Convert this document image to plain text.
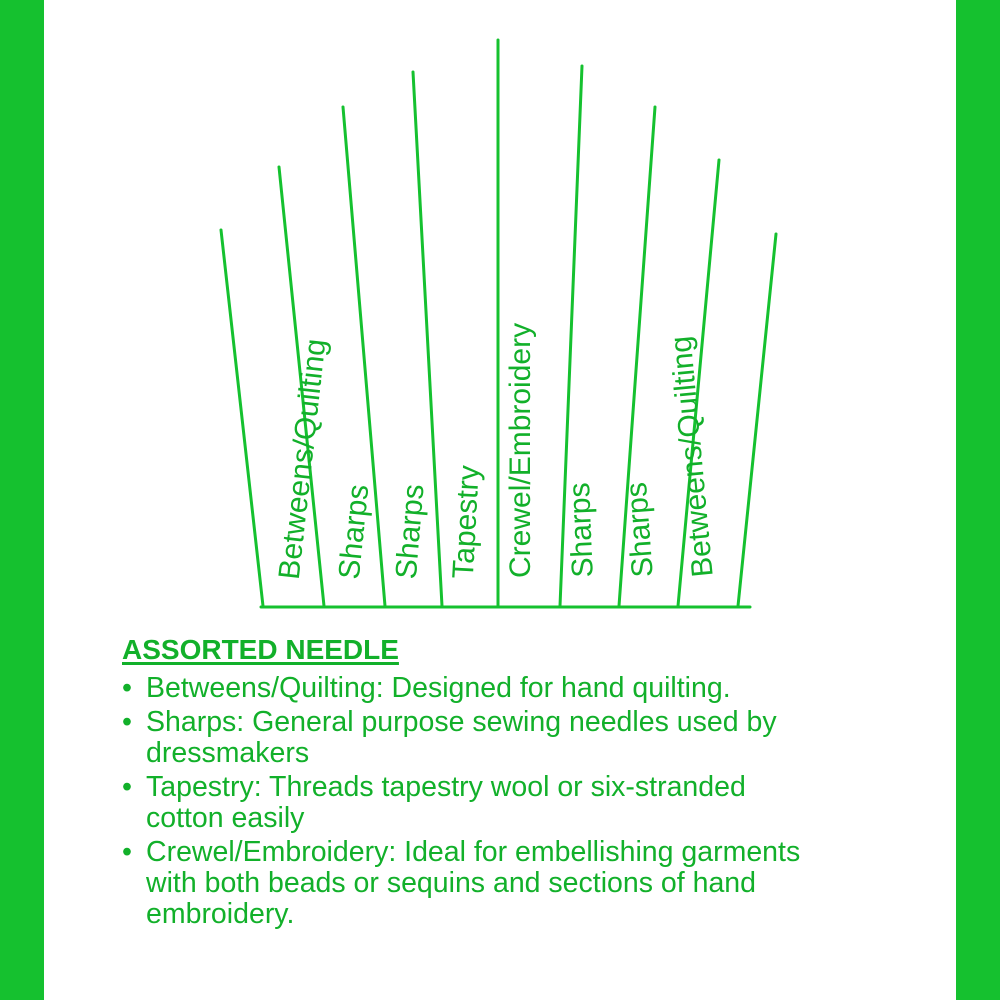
Betweens/Quilting Sharps Sharps Tapestry Crewel/Embroidery Sharps Sharps Betweens/Quilting
ASSORTED NEEDLE
• Betweens/Quilting: Designed for hand quilting.
• Sharps: General purpose sewing needles used by
dressmakers
• Tapestry: Threads tapestry wool or six-stranded
cotton easily
• Crewel/Embroidery: Ideal for embellishing garments
with both beads or sequins and sections of hand
embroidery.
